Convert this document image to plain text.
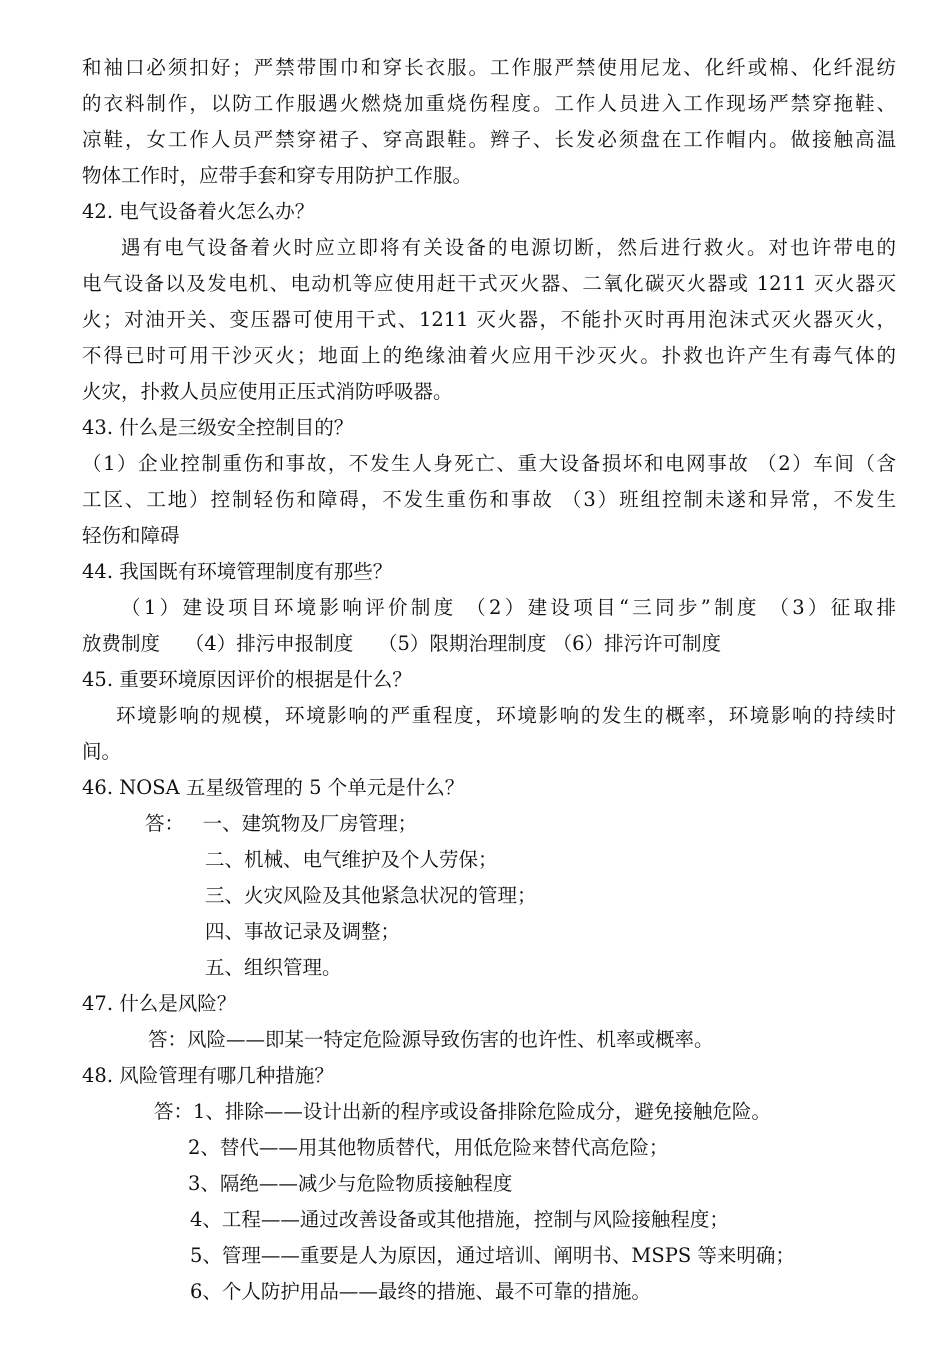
和袖口必须扣好；严禁带围巾和穿长衣服。工作服严禁使用尼龙、化纤或棉、化纤混纺
的衣料制作，以防工作服遇火燃烧加重烧伤程度。工作人员进入工作现场严禁穿拖鞋、
凉鞋，女工作人员严禁穿裙子、穿高跟鞋。辫子、长发必须盘在工作帽内。做接触高温
物体工作时，应带手套和穿专用防护工作服。
42. 电气设备着火怎么办？
遇有电气设备着火时应立即将有关设备的电源切断，然后进行救火。对也许带电的
电气设备以及发电机、电动机等应使用赶干式灭火器、二氧化碳灭火器或 1211 灭火器灭
火；对油开关、变压器可使用干式、1211 灭火器，不能扑灭时再用泡沫式灭火器灭火，
不得已时可用干沙灭火；地面上的绝缘油着火应用干沙灭火。扑救也许产生有毒气体的
火灾，扑救人员应使用正压式消防呼吸器。
43. 什么是三级安全控制目的？
（1）企业控制重伤和事故，不发生人身死亡、重大设备损坏和电网事故 （2）车间（含
工区、工地）控制轻伤和障碍，不发生重伤和事故 （3）班组控制未遂和异常，不发生
轻伤和障碍
44. 我国既有环境管理制度有那些？
（1）建设项目环境影响评价制度 （2）建设项目“三同步”制度 （3）征取排
放费制度    （4）排污申报制度    （5）限期治理制度 （6）排污许可制度
45. 重要环境原因评价的根据是什么？
环境影响的规模，环境影响的严重程度，环境影响的发生的概率，环境影响的持续时
间。
46. NOSA 五星级管理的 5 个单元是什么？
答：   一、建筑物及厂房管理；
二、机械、电气维护及个人劳保；
三、火灾风险及其他紧急状况的管理；
四、事故记录及调整；
五、组织管理。
47. 什么是风险？
答：风险——即某一特定危险源导致伤害的也许性、机率或概率。
48. 风险管理有哪几种措施？
答：1、排除——设计出新的程序或设备排除危险成分，避免接触危险。
2、替代——用其他物质替代，用低危险来替代高危险；
3、隔绝——减少与危险物质接触程度
4、工程——通过改善设备或其他措施，控制与风险接触程度；
5、管理——重要是人为原因，通过培训、阐明书、MSPS 等来明确；
6、个人防护用品——最终的措施、最不可靠的措施。
